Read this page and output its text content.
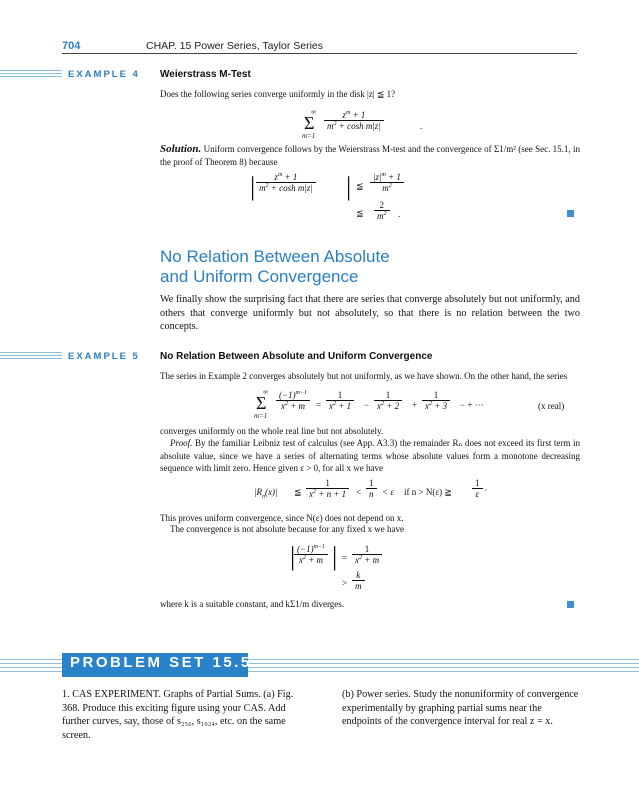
704	CHAP. 15 Power Series, Taylor Series
EXAMPLE 4 Weierstrass M-Test
Does the following series converge uniformly in the disk |z| ≦ 1?
∞
Σ
m=1
$\frac{z^m + 1}{m^2 + \cosh m|z|}$	.
Solution. Uniform convergence follows by the Weierstrass M-test and the convergence of Σ1/m² (see Sec. 15.1, in the proof of Theorem 8) because
| $\frac{z^m + 1}{m^2 + \cosh m|z|}$ | ≦ $\frac{|z|^m + 1}{m^2}$
≦ $\frac{2}{m^2}$ .
No Relation Between Absolute
and Uniform Convergence
We finally show the surprising fact that there are series that converge absolutely but not uniformly, and others that converge uniformly but not absolutely, so that there is no relation between the two concepts.
EXAMPLE 5 No Relation Between Absolute and Uniform Convergence
The series in Example 2 converges absolutely but not uniformly, as we have shown. On the other hand, the series
∞
Σ
m=1
$\frac{(-1)^{m-1}}{x^2 + m} = \frac{1}{x^2 + 1} - \frac{1}{x^2 + 2} + \frac{1}{x^2 + 3}$ − + ···	(x real)
converges uniformly on the whole real line but not absolutely.
Proof. By the familiar Leibniz test of calculus (see App. A3.3) the remainder Rₙ does not exceed its first term in absolute value, since we have a series of alternating terms whose absolute values form a monotone decreasing sequence with limit zero. Hence given ε > 0, for all x we have
$|R_n(x)|$ ≦ $\frac{1}{x^2 + n + 1} < \frac{1}{n} < \varepsilon$ if n > N(ε) ≧ $\frac{1}{\varepsilon}$ .
This proves uniform convergence, since N(ε) does not depend on x.
The convergence is not absolute because for any fixed x we have
|
$\frac{(-1)^{m-1}}{x^2 + m}$ | = $\frac{1}{x^2 + m}$
> $\frac{k}{m}$
where k is a suitable constant, and kΣ1/m diverges.
PROBLEM SET 15.5
1. CAS EXPERIMENT. Graphs of Partial Sums. (a) Fig. 368. Produce this exciting figure using your CAS. Add further curves, say, those of s₂₅₆, s₁₀₂₄, etc. on the same screen.
(b) Power series. Study the nonuniformity of convergence experimentally by graphing partial sums near the endpoints of the convergence interval for real z = x.
